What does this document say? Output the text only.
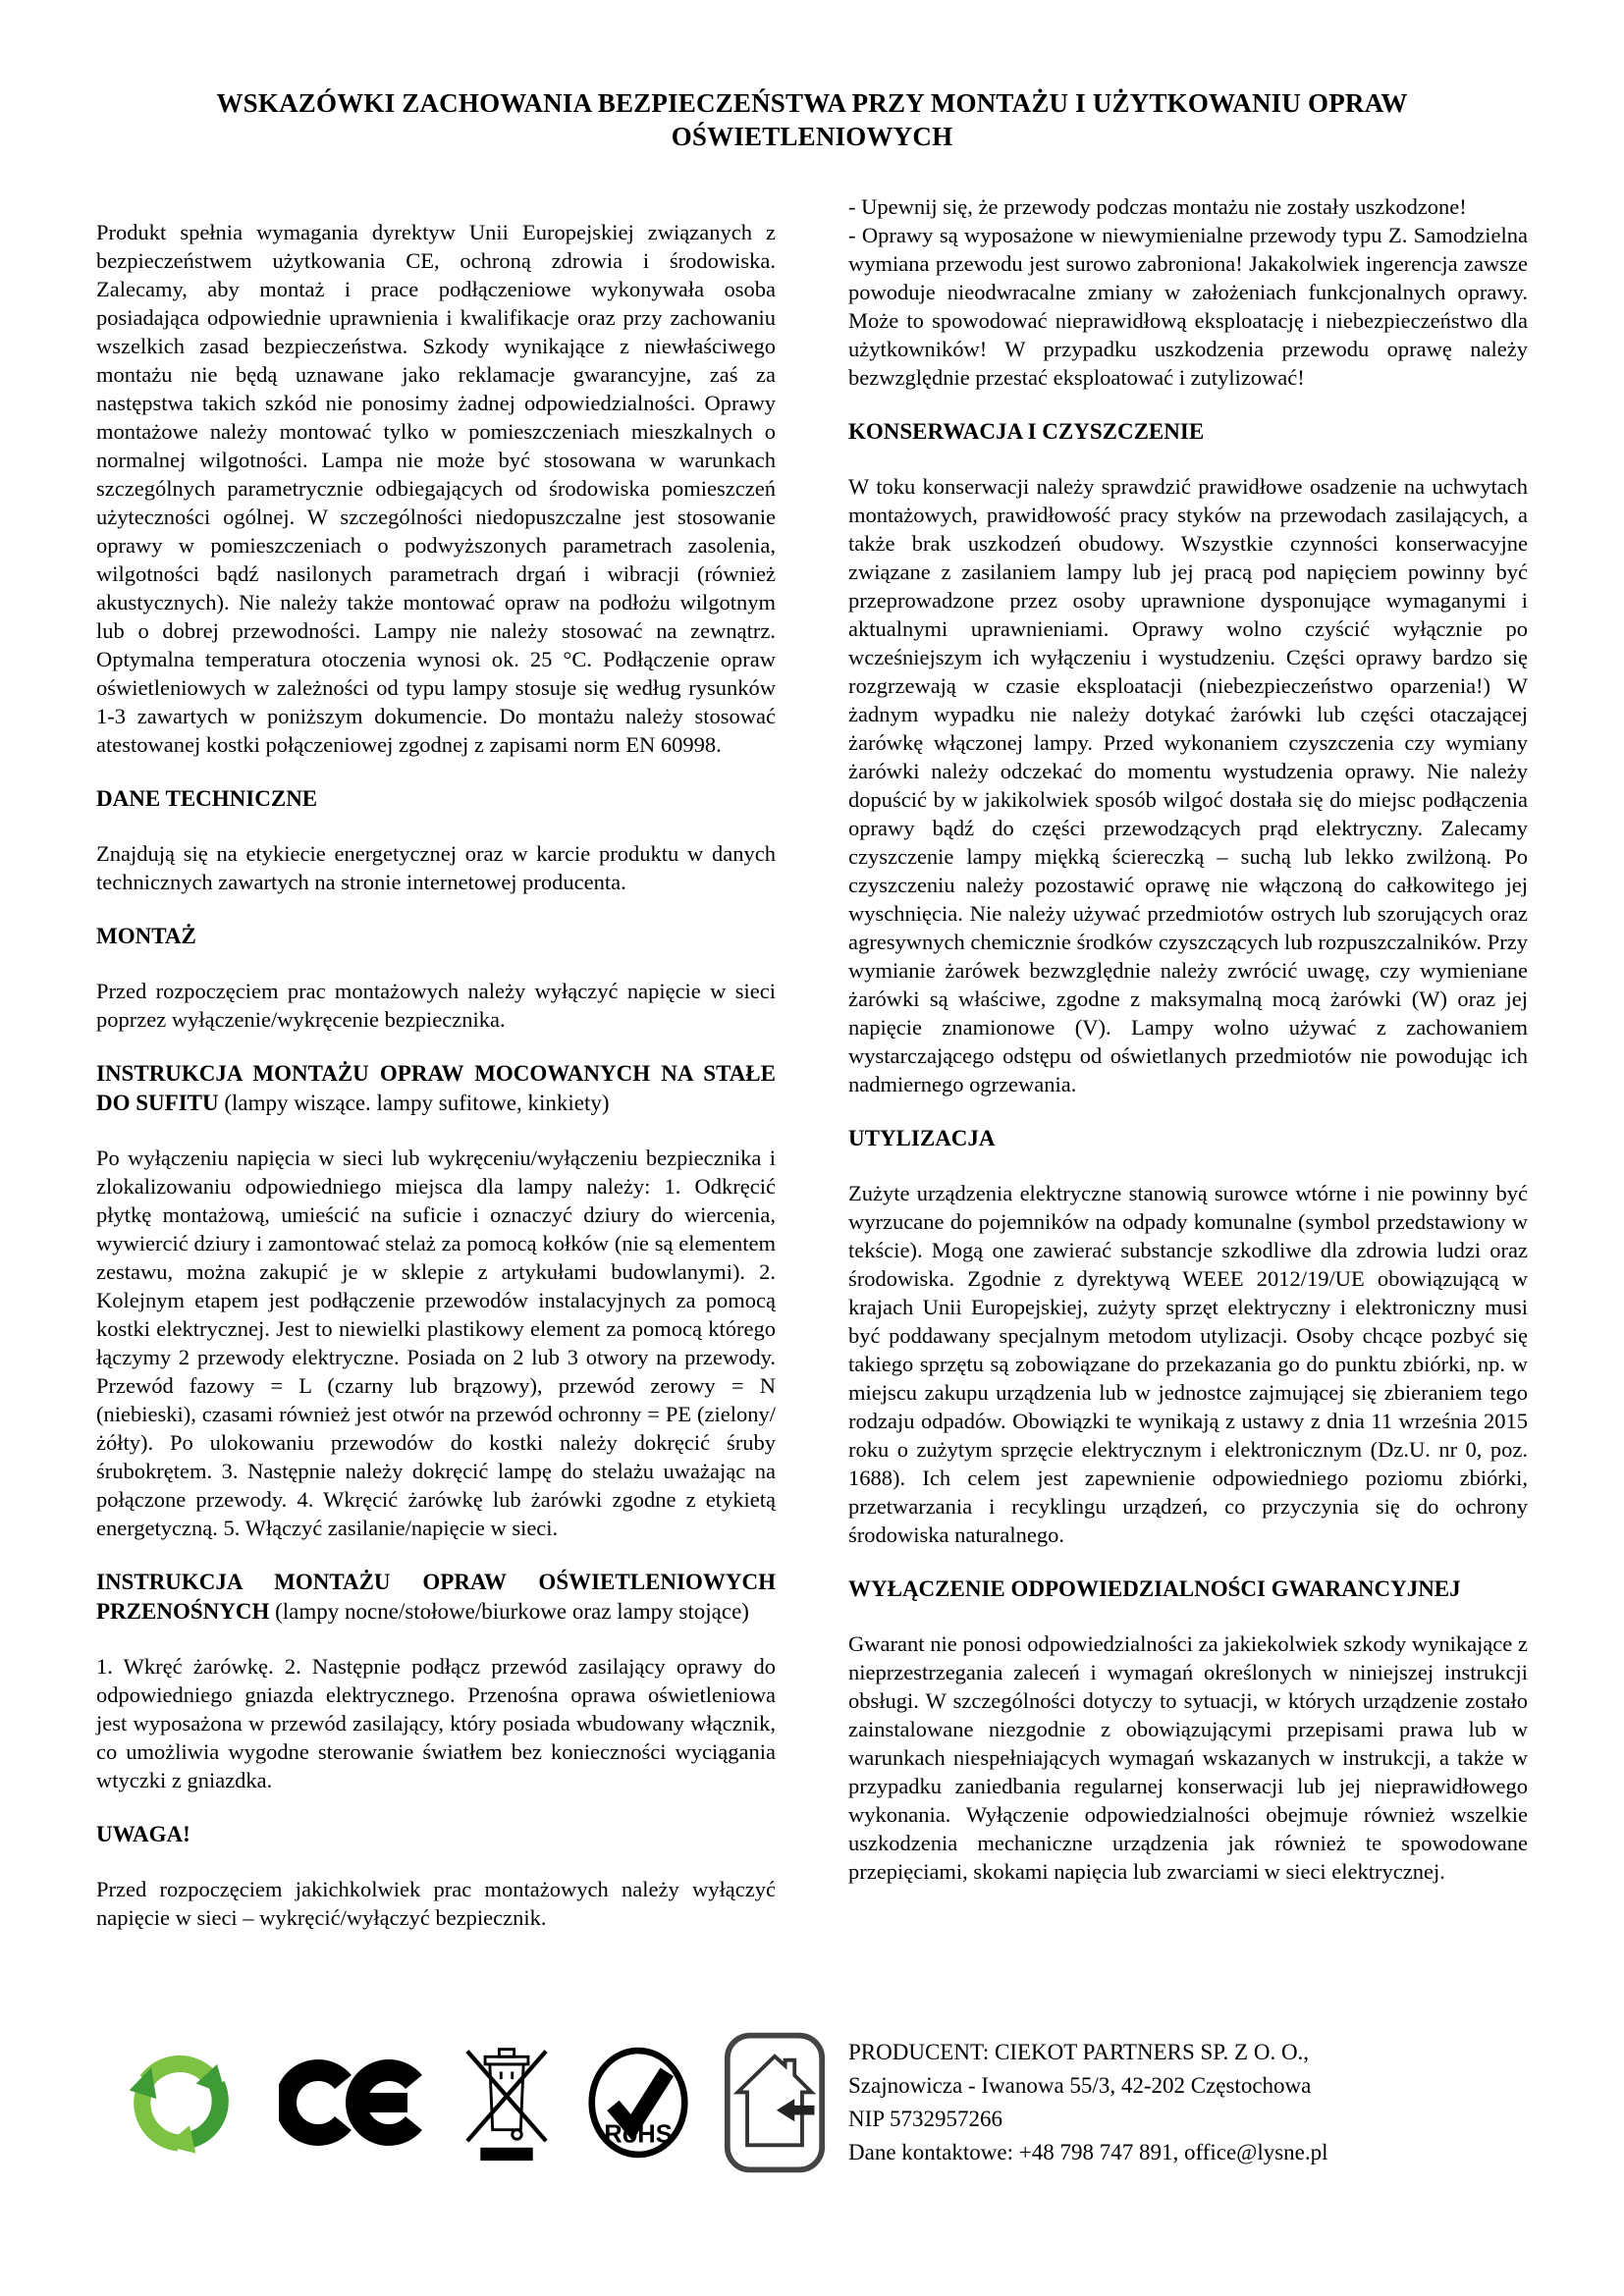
WSKAZÓWKI ZACHOWANIA BEZPIECZEŃSTWA PRZY MONTAŻU I UŻYTKOWANIU OPRAW OŚWIETLENIOWYCH

Produkt spełnia wymagania dyrektyw Unii Europejskiej związanych z bezpieczeństwem użytkowania CE, ochroną zdrowia i środowiska. Zalecamy, aby montaż i prace podłączeniowe wykonywała osoba posiadająca odpowiednie uprawnienia i kwalifikacje oraz przy zachowaniu wszelkich zasad bezpieczeństwa. Szkody wynikające z niewłaściwego montażu nie będą uznawane jako reklamacje gwarancyjne, zaś za następstwa takich szkód nie ponosimy żadnej odpowiedzialności. Oprawy montażowe należy montować tylko w pomieszczeniach mieszkalnych o normalnej wilgotności. Lampa nie może być stosowana w warunkach szczególnych parametrycznie odbiegających od środowiska pomieszczeń użyteczności ogólnej. W szczególności niedopuszczalne jest stosowanie oprawy w pomieszczeniach o podwyższonych parametrach zasolenia, wilgotności bądź nasilonych parametrach drgań i wibracji (również akustycznych). Nie należy także montować opraw na podłożu wilgotnym lub o dobrej przewodności. Lampy nie należy stosować na zewnątrz. Optymalna temperatura otoczenia wynosi ok. 25 °C. Podłączenie opraw oświetleniowych w zależności od typu lampy stosuje się według rysunków 1-3 zawartych w poniższym dokumencie. Do montażu należy stosować atestowanej kostki połączeniowej zgodnej z zapisami norm EN 60998.

DANE TECHNICZNE

Znajdują się na etykiecie energetycznej oraz w karcie produktu w danych technicznych zawartych na stronie internetowej producenta.

MONTAŻ

Przed rozpoczęciem prac montażowych należy wyłączyć napięcie w sieci poprzez wyłączenie/wykręcenie bezpiecznika.

INSTRUKCJA MONTAŻU OPRAW MOCOWANYCH NA STAŁE DO SUFITU (lampy wiszące. lampy sufitowe, kinkiety)

Po wyłączeniu napięcia w sieci lub wykręceniu/wyłączeniu bezpiecznika i zlokalizowaniu odpowiedniego miejsca dla lampy należy: 1. Odkręcić płytkę montażową, umieścić na suficie i oznaczyć dziury do wiercenia, wywiercić dziury i zamontować stelaż za pomocą kołków (nie są elementem zestawu, można zakupić je w sklepie z artykułami budowlanymi). 2. Kolejnym etapem jest podłączenie przewodów instalacyjnych za pomocą kostki elektrycznej. Jest to niewielki plastikowy element za pomocą którego łączymy 2 przewody elektryczne. Posiada on 2 lub 3 otwory na przewody. Przewód fazowy = L (czarny lub brązowy), przewód zerowy = N (niebieski), czasami również jest otwór na przewód ochronny = PE (zielony/żółty). Po ulokowaniu przewodów do kostki należy dokręcić śruby śrubokrętem. 3. Następnie należy dokręcić lampę do stelażu uważając na połączone przewody. 4. Wkręcić żarówkę lub żarówki zgodne z etykietą energetyczną. 5. Włączyć zasilanie/napięcie w sieci.

INSTRUKCJA MONTAŻU OPRAW OŚWIETLENIOWYCH PRZENOŚNYCH (lampy nocne/stołowe/biurkowe oraz lampy stojące)

1. Wkręć żarówkę. 2. Następnie podłącz przewód zasilający oprawy do odpowiedniego gniazda elektrycznego. Przenośna oprawa oświetleniowa jest wyposażona w przewód zasilający, który posiada wbudowany włącznik, co umożliwia wygodne sterowanie światłem bez konieczności wyciągania wtyczki z gniazdka.

UWAGA!

Przed rozpoczęciem jakichkolwiek prac montażowych należy wyłączyć napięcie w sieci – wykręcić/wyłączyć bezpiecznik.

- Upewnij się, że przewody podczas montażu nie zostały uszkodzone!

- Oprawy są wyposażone w niewymienialne przewody typu Z. Samodzielna wymiana przewodu jest surowo zabroniona! Jakakolwiek ingerencja zawsze powoduje nieodwracalne zmiany w założeniach funkcjonalnych oprawy. Może to spowodować nieprawidłową eksploatację i niebezpieczeństwo dla użytkowników! W przypadku uszkodzenia przewodu oprawę należy bezwzględnie przestać eksploatować i zutylizować!

KONSERWACJA I CZYSZCZENIE

W toku konserwacji należy sprawdzić prawidłowe osadzenie na uchwytach montażowych, prawidłowość pracy styków na przewodach zasilających, a także brak uszkodzeń obudowy. Wszystkie czynności konserwacyjne związane z zasilaniem lampy lub jej pracą pod napięciem powinny być przeprowadzone przez osoby uprawnione dysponujące wymaganymi i aktualnymi uprawnieniami. Oprawy wolno czyścić wyłącznie po wcześniejszym ich wyłączeniu i wystudzeniu. Części oprawy bardzo się rozgrzewają w czasie eksploatacji (niebezpieczeństwo oparzenia!) W żadnym wypadku nie należy dotykać żarówki lub części otaczającej żarówkę włączonej lampy. Przed wykonaniem czyszczenia czy wymiany żarówki należy odczekać do momentu wystudzenia oprawy. Nie należy dopuścić by w jakikolwiek sposób wilgoć dostała się do miejsc podłączenia oprawy bądź do części przewodzących prąd elektryczny. Zalecamy czyszczenie lampy miękką ściereczką – suchą lub lekko zwilżoną. Po czyszczeniu należy pozostawić oprawę nie włączoną do całkowitego jej wyschnięcia. Nie należy używać przedmiotów ostrych lub szorujących oraz agresywnych chemicznie środków czyszczących lub rozpuszczalników. Przy wymianie żarówek bezwzględnie należy zwrócić uwagę, czy wymieniane żarówki są właściwe, zgodne z maksymalną mocą żarówki (W) oraz jej napięcie znamionowe (V). Lampy wolno używać z zachowaniem wystarczającego odstępu od oświetlanych przedmiotów nie powodując ich nadmiernego ogrzewania.

UTYLIZACJA

Zużyte urządzenia elektryczne stanowią surowce wtórne i nie powinny być wyrzucane do pojemników na odpady komunalne (symbol przedstawiony w tekście). Mogą one zawierać substancje szkodliwe dla zdrowia ludzi oraz środowiska. Zgodnie z dyrektywą WEEE 2012/19/UE obowiązującą w krajach Unii Europejskiej, zużyty sprzęt elektryczny i elektroniczny musi być poddawany specjalnym metodom utylizacji. Osoby chcące pozbyć się takiego sprzętu są zobowiązane do przekazania go do punktu zbiórki, np. w miejscu zakupu urządzenia lub w jednostce zajmującej się zbieraniem tego rodzaju odpadów. Obowiązki te wynikają z ustawy z dnia 11 września 2015 roku o zużytym sprzęcie elektrycznym i elektronicznym (Dz.U. nr 0, poz. 1688). Ich celem jest zapewnienie odpowiedniego poziomu zbiórki, przetwarzania i recyklingu urządzeń, co przyczynia się do ochrony środowiska naturalnego.

WYŁĄCZENIE ODPOWIEDZIALNOŚCI GWARANCYJNEJ

Gwarant nie ponosi odpowiedzialności za jakiekolwiek szkody wynikające z nieprzestrzegania zaleceń i wymagań określonych w niniejszej instrukcji obsługi. W szczególności dotyczy to sytuacji, w których urządzenie zostało zainstalowane niezgodnie z obowiązującymi przepisami prawa lub w warunkach niespełniających wymagań wskazanych w instrukcji, a także w przypadku zaniedbania regularnej konserwacji lub jej nieprawidłowego wykonania. Wyłączenie odpowiedzialności obejmuje również wszelkie uszkodzenia mechaniczne urządzenia jak również te spowodowane przepięciami, skokami napięcia lub zwarciami w sieci elektrycznej.

RoHS
PRODUCENT: CIEKOT PARTNERS SP. Z O. O.,
Szajnowicza - Iwanowa 55/3, 42-202 Częstochowa
NIP 5732957266
Dane kontaktowe: +48 798 747 891, office@lysne.pl
